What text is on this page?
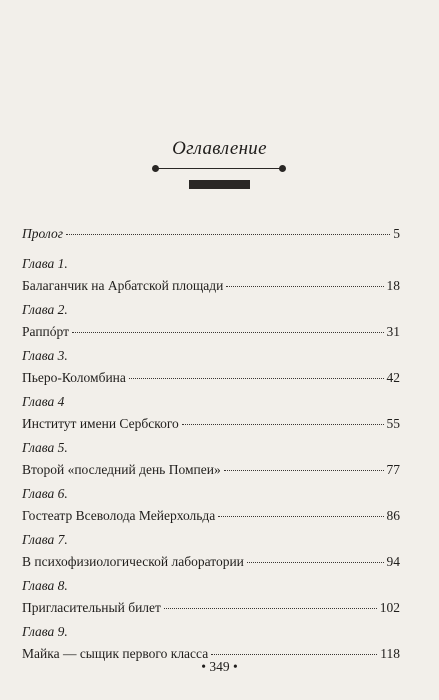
Оглавление
Пролог	5
Глава 1.
Балаганчик на Арбатской площади	18
Глава 2.
Раппóрт	31
Глава 3.
Пьеро-Коломбина	42
Глава 4
Институт имени Сербского	55
Глава 5.
Второй «последний день Помпеи»	77
Глава 6.
Гостеатр Всеволода Мейерхольда	86
Глава 7.
В психофизиологической лаборатории	94
Глава 8.
Пригласительный билет	102
Глава 9.
Майка — сыщик первого класса	118
• 349 •
